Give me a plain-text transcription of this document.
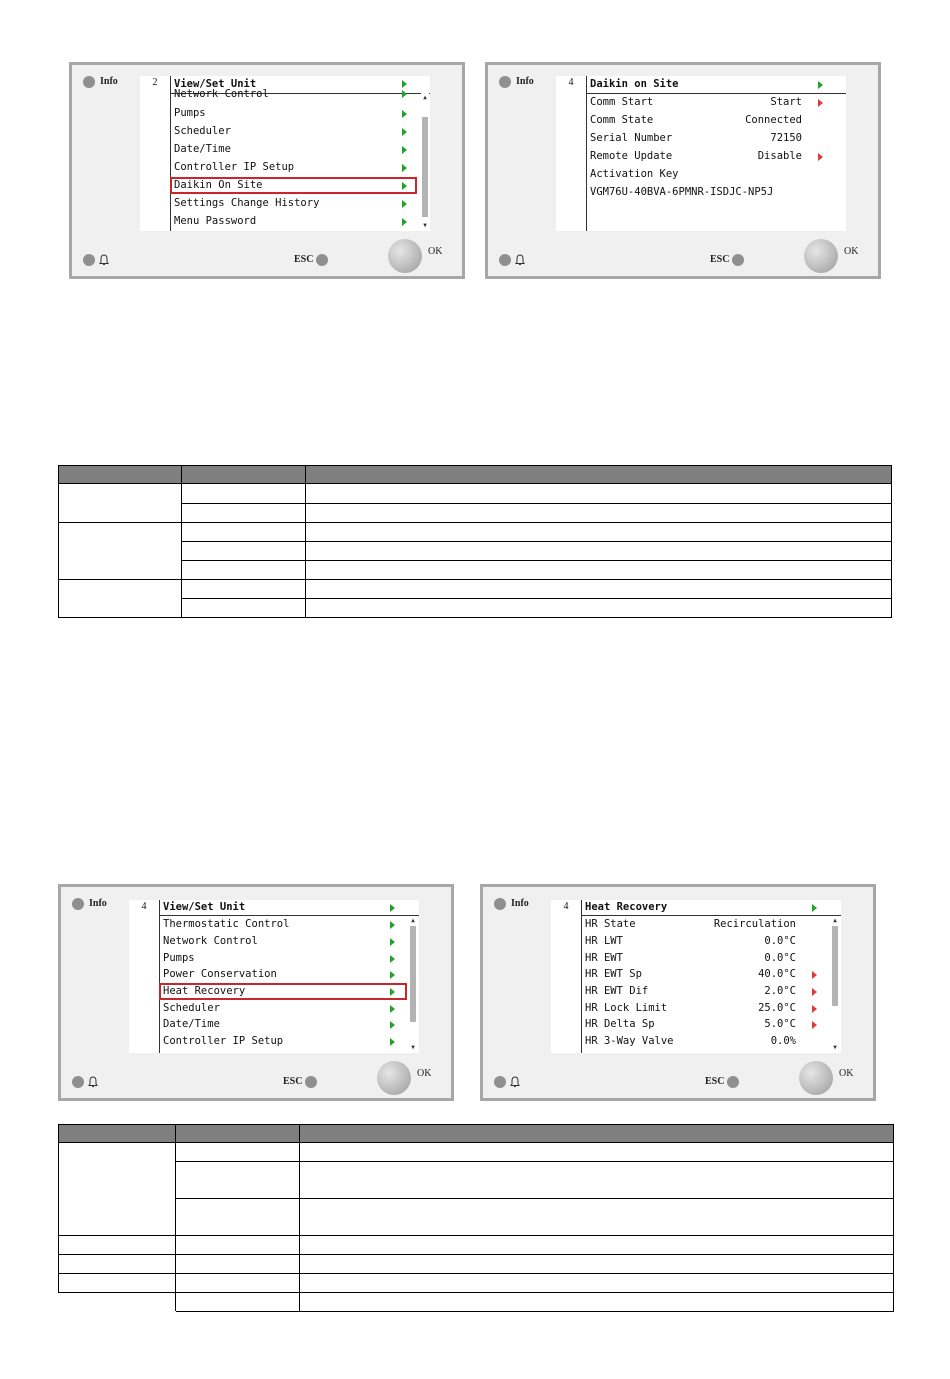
Info	2	View/Set Unit
Network Control
Pumps
Scheduler
Date/Time
Controller IP Setup
Daikin On Site
Settings Change History
Menu Password
▲
▼
ESC
OK
Info	4	Daikin on Site
Comm Start	Start
Comm State	Connected
Serial Number	72150
Remote Update	Disable
Activation Key
VGM76U-40BVA-6PMNR-ISDJC-NP5J
ESC
OK

Info	4	View/Set Unit
Thermostatic Control
Network Control
Pumps
Power Conservation
Heat Recovery
Scheduler
Date/Time
Controller IP Setup
▲
▼
ESC
OK
Info	4	Heat Recovery
HR State	Recirculation
HR LWT	0.0°C
HR EWT	0.0°C
HR EWT Sp	40.0°C
HR EWT Dif	2.0°C
HR Lock Limit	25.0°C
HR Delta Sp	5.0°C
HR 3-Way Valve	0.0%
▲
▼
ESC
OK
